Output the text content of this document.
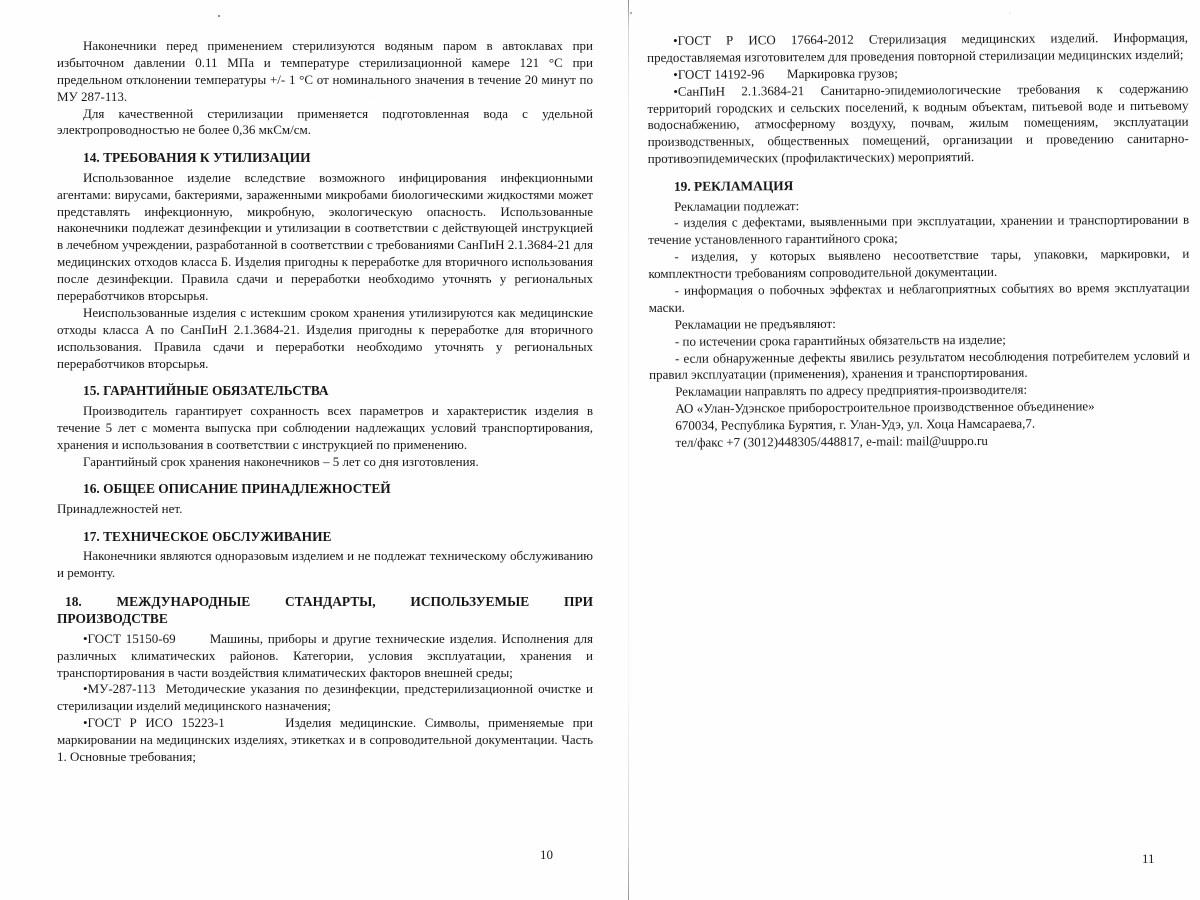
Наконечники перед применением стерилизуются водяным паром в автоклавах при избыточном давлении 0.11 МПа и температуре стерилизационной камере 121 °С при предельном отклонении температуры +/- 1 °С от номинального значения в течение 20 минут по МУ 287-113.

Для качественной стерилизации применяется подготовленная вода с удельной электропроводностью не более 0,36 мкСм/см.

14. ТРЕБОВАНИЯ К УТИЛИЗАЦИИ

Использованное изделие вследствие возможного инфицирования инфекционными агентами: вирусами, бактериями, зараженными микробами биологическими жидкостями может представлять инфекционную, микробную, экологическую опасность. Использованные наконечники подлежат дезинфекции и утилизации в соответствии с действующей инструкцией в лечебном учреждении, разработанной в соответствии с требованиями СанПиН 2.1.3684-21 для медицинских отходов класса Б. Изделия пригодны к переработке для вторичного использования после дезинфекции. Правила сдачи и переработки необходимо уточнять у региональных переработчиков вторсырья.

Неиспользованные изделия с истекшим сроком хранения утилизируются как медицинские отходы класса А по СанПиН 2.1.3684-21. Изделия пригодны к переработке для вторичного использования. Правила сдачи и переработки необходимо уточнять у региональных переработчиков вторсырья.

15. ГАРАНТИЙНЫЕ ОБЯЗАТЕЛЬСТВА

Производитель гарантирует сохранность всех параметров и характеристик изделия в течение 5 лет с момента выпуска при соблюдении надлежащих условий транспортирования, хранения и использования в соответствии с инструкцией по применению.

Гарантийный срок хранения наконечников – 5 лет со дня изготовления.

16. ОБЩЕЕ ОПИСАНИЕ ПРИНАДЛЕЖНОСТЕЙ

Принадлежностей нет.

17. ТЕХНИЧЕСКОЕ ОБСЛУЖИВАНИЕ

Наконечники являются одноразовым изделием и не подлежат техническому обслуживанию и ремонту.

18. МЕЖДУНАРОДНЫЕ СТАНДАРТЫ, ИСПОЛЬЗУЕМЫЕ ПРИ ПРОИЗВОДСТВЕ

•ГОСТ 15150-69       Машины, приборы и другие технические изделия. Исполнения для различных климатических районов. Категории, условия эксплуатации, хранения и транспортирования в части воздействия климатических факторов внешней среды;

•МУ-287-113  Методические указания по дезинфекции, предстерилизационной очистке и стерилизации изделий медицинского назначения;

•ГОСТ Р ИСО 15223-1       Изделия медицинские. Символы, применяемые при маркировании на медицинских изделиях, этикетках и в сопроводительной документации. Часть 1. Основные требования;

•ГОСТ Р ИСО 17664-2012 Стерилизация медицинских изделий. Информация, предоставляемая изготовителем для проведения повторной стерилизации медицинских изделий;

•ГОСТ 14192-96       Маркировка грузов;

•СанПиН 2.1.3684-21 Санитарно-эпидемиологические требования к содержанию территорий городских и сельских поселений, к водным объектам, питьевой воде и питьевому водоснабжению, атмосферному воздуху, почвам, жилым помещениям, эксплуатации производственных, общественных помещений, организации и проведению санитарно-противоэпидемических (профилактических) мероприятий.

19. РЕКЛАМАЦИЯ

Рекламации подлежат:

- изделия с дефектами, выявленными при эксплуатации, хранении и транспортировании в течение установленного гарантийного срока;

- изделия, у которых выявлено несоответствие тары, упаковки, маркировки, и комплектности требованиям сопроводительной документации.

- информация о побочных эффектах и неблагоприятных событиях во время эксплуатации маски.

Рекламации не предъявляют:

- по истечении срока гарантийных обязательств на изделие;

- если обнаруженные дефекты явились результатом несоблюдения потребителем условий и правил эксплуатации (применения), хранения и транспортирования.

Рекламации направлять по адресу предприятия-производителя:

АО «Улан-Удэнское приборостроительное производственное объединение»

670034, Республика Бурятия, г. Улан-Удэ, ул. Хоца Намсараева,7.

тел/факс +7 (3012)448305/448817, e-mail: mail@uuppo.ru

10	11
